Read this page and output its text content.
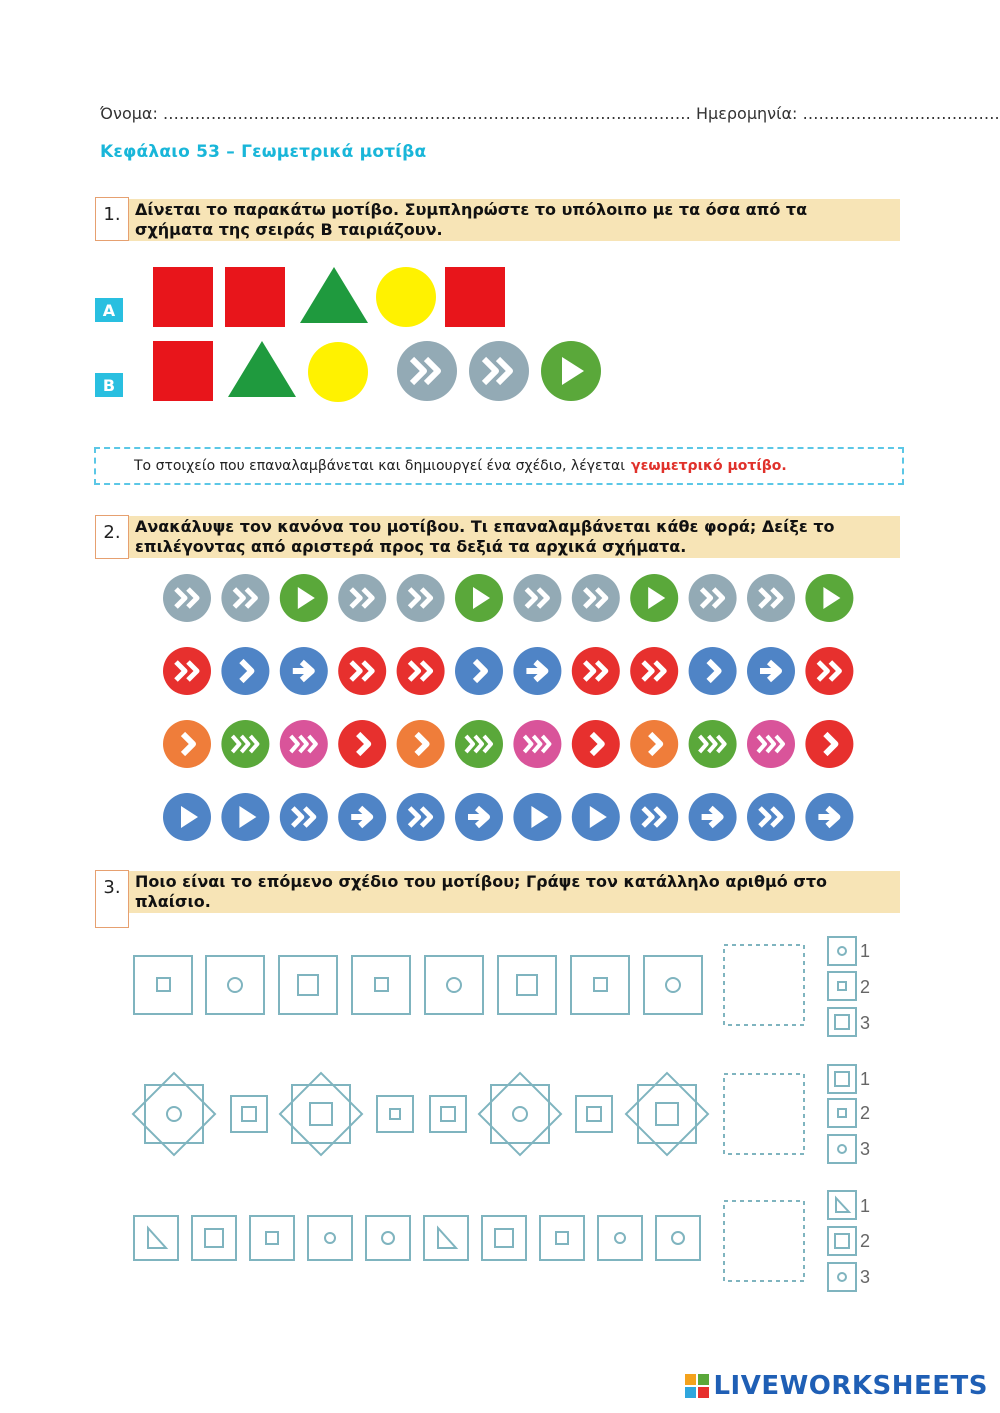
Όνομα: ……………………………………………………………………………………… Ημερομηνία: ……………………………….
Κεφάλαιο 53 – Γεωμετρικά μοτίβα
1. Δίνεται το παρακάτω μοτίβο. Συμπληρώστε το υπόλοιπο με τα όσα από τα
σχήματα της σειράς Β ταιριάζουν.
Α
Β
Το στοιχείο που επαναλαμβάνεται και δημιουργεί ένα σχέδιο, λέγεται γεωμετρικό μοτίβο.
2. Ανακάλυψε τον κανόνα του μοτίβου. Τι επαναλαμβάνεται κάθε φορά; Δείξε το
επιλέγοντας από αριστερά προς τα δεξιά τα αρχικά σχήματα.
3. Ποιο είναι το επόμενο σχέδιο του μοτίβου; Γράψε τον κατάλληλο αριθμό στο
πλαίσιο.
1
2
3
1
2
3
1
2
3
LIVEWORKSHEETS
